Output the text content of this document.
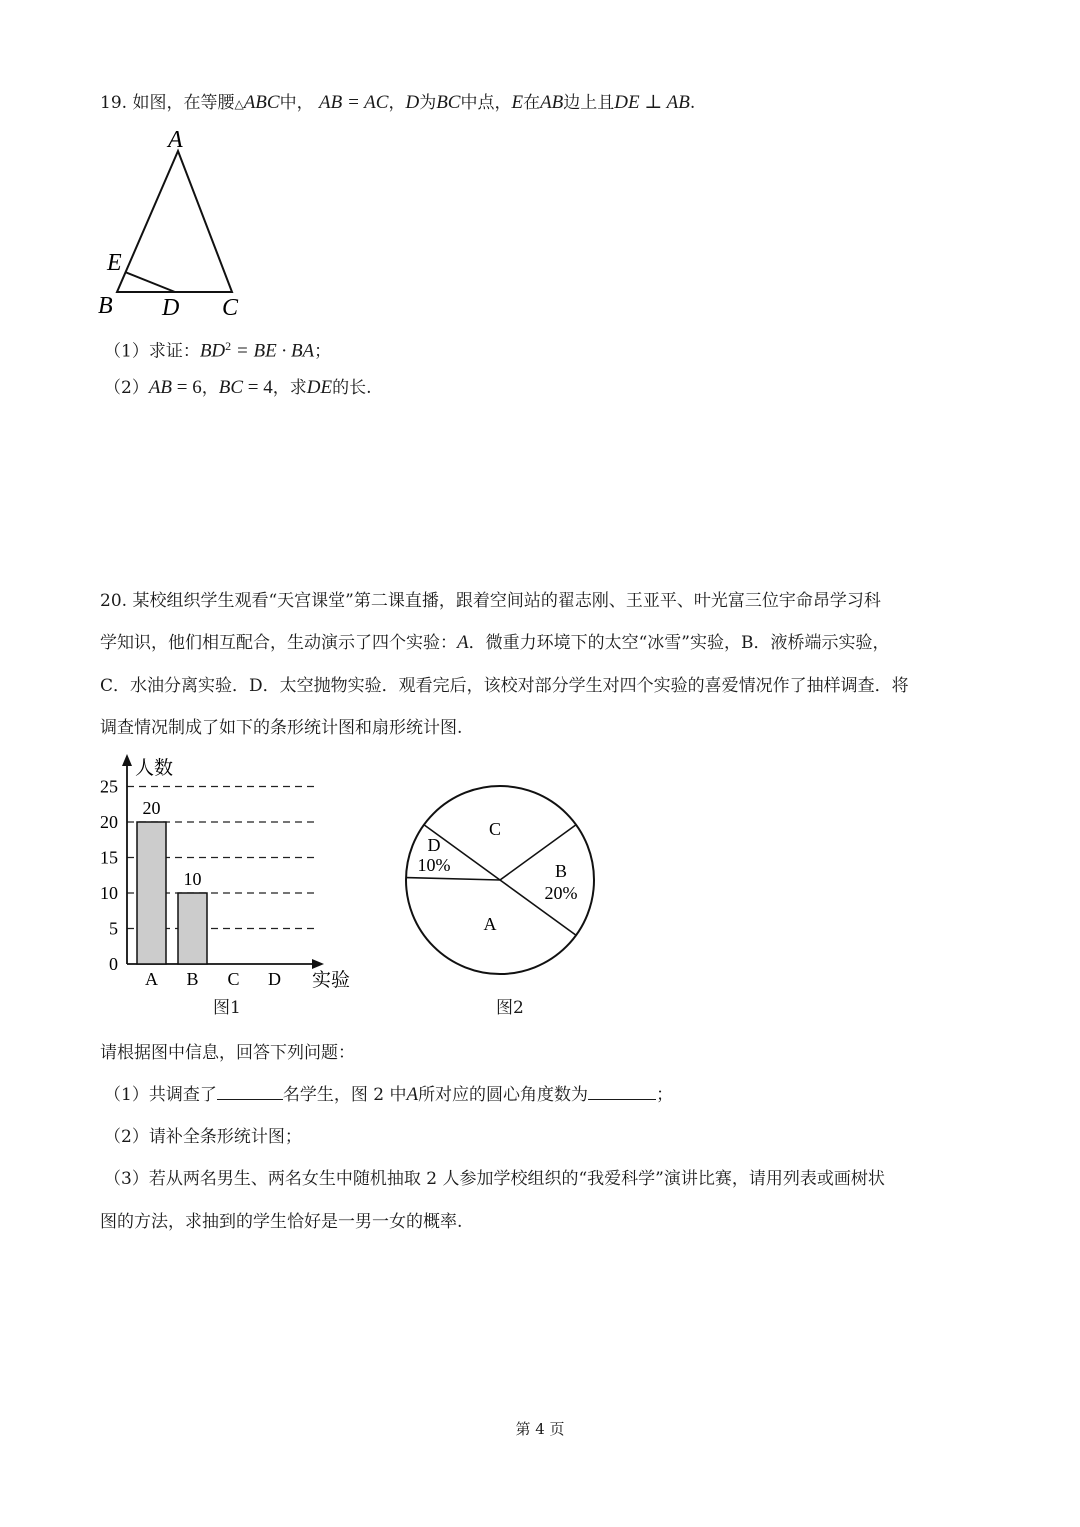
19. 如图，在等腰△ABC中， AB = AC，D为BC中点，E在AB边上且DE ⊥ AB.
A
E
B D C
（1）求证：$BD^2$ = BE · BA；
（2）AB = 6，BC = 4，求DE的长.
20. 某校组织学生观看“天宫课堂”第二课直播，跟着空间站的翟志刚、王亚平、叶光富三位宇命昂学习科
学知识，他们相互配合，生动演示了四个实验：A．微重力环境下的太空“冰雪”实验，B．液桥端示实验，
C．水油分离实验．D．太空抛物实验．观看完后，该校对部分学生对四个实验的喜爱情况作了抽样调查．将
调查情况制成了如下的条形统计图和扇形统计图.
0
5
10
15
20
25
人数
实验
20
A
10
B C D
图1
A
B
20%
C
D
10%
图2
请根据图中信息，回答下列问题：
（1）共调查了	名学生，图 2 中A所对应的圆心角度数为	；
（2）请补全条形统计图；
（3）若从两名男生、两名女生中随机抽取 2 人参加学校组织的“我爱科学”演讲比赛，请用列表或画树状
图的方法，求抽到的学生恰好是一男一女的概率.
第 4 页
